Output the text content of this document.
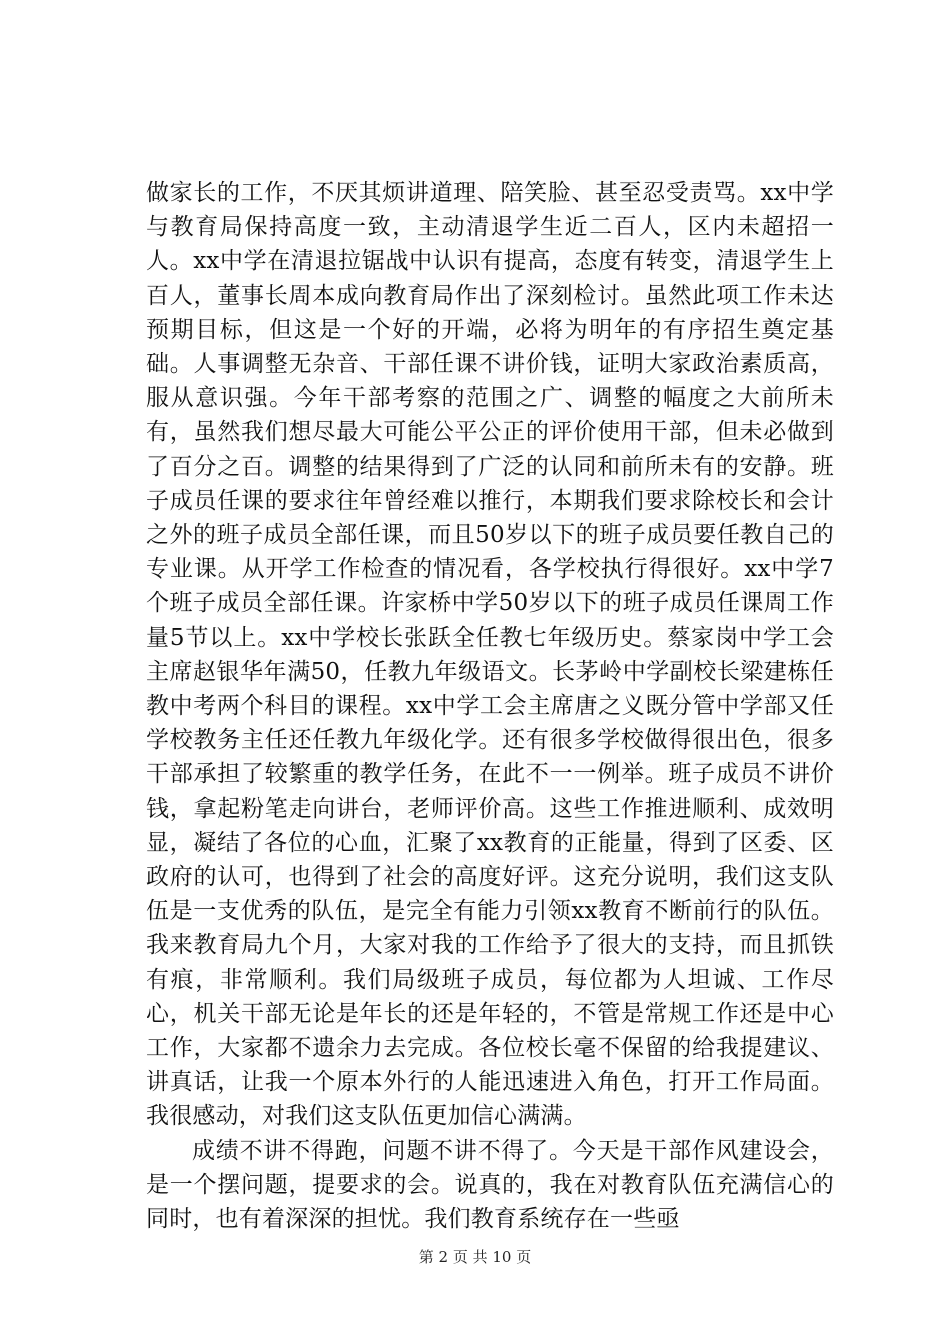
做家长的工作，不厌其烦讲道理、陪笑脸、甚至忍受责骂。xx中学与教育局保持高度一致，主动清退学生近二百人，区内未超招一人。xx中学在清退拉锯战中认识有提高，态度有转变，清退学生上百人，董事长周本成向教育局作出了深刻检讨。虽然此项工作未达预期目标，但这是一个好的开端，必将为明年的有序招生奠定基础。人事调整无杂音、干部任课不讲价钱，证明大家政治素质高，服从意识强。今年干部考察的范围之广、调整的幅度之大前所未有，虽然我们想尽最大可能公平公正的评价使用干部，但未必做到了百分之百。调整的结果得到了广泛的认同和前所未有的安静。班子成员任课的要求往年曾经难以推行，本期我们要求除校长和会计之外的班子成员全部任课，而且50岁以下的班子成员要任教自己的专业课。从开学工作检查的情况看，各学校执行得很好。xx中学7个班子成员全部任课。许家桥中学50岁以下的班子成员任课周工作量5节以上。xx中学校长张跃全任教七年级历史。蔡家岗中学工会主席赵银华年满50，任教九年级语文。长茅岭中学副校长梁建栋任教中考两个科目的课程。xx中学工会主席唐之义既分管中学部又任学校教务主任还任教九年级化学。还有很多学校做得很出色，很多干部承担了较繁重的教学任务，在此不一一例举。班子成员不讲价钱，拿起粉笔走向讲台，老师评价高。这些工作推进顺利、成效明显，凝结了各位的心血，汇聚了xx教育的正能量，得到了区委、区政府的认可，也得到了社会的高度好评。这充分说明，我们这支队伍是一支优秀的队伍，是完全有能力引领xx教育不断前行的队伍。我来教育局九个月，大家对我的工作给予了很大的支持，而且抓铁有痕，非常顺利。我们局级班子成员，每位都为人坦诚、工作尽心，机关干部无论是年长的还是年轻的，不管是常规工作还是中心工作，大家都不遗余力去完成。各位校长毫不保留的给我提建议、讲真话，让我一个原本外行的人能迅速进入角色，打开工作局面。我很感动，对我们这支队伍更加信心满满。

成绩不讲不得跑，问题不讲不得了。今天是干部作风建设会，是一个摆问题，提要求的会。说真的，我在对教育队伍充满信心的同时，也有着深深的担忧。我们教育系统存在一些亟

第 2 页 共 10 页
